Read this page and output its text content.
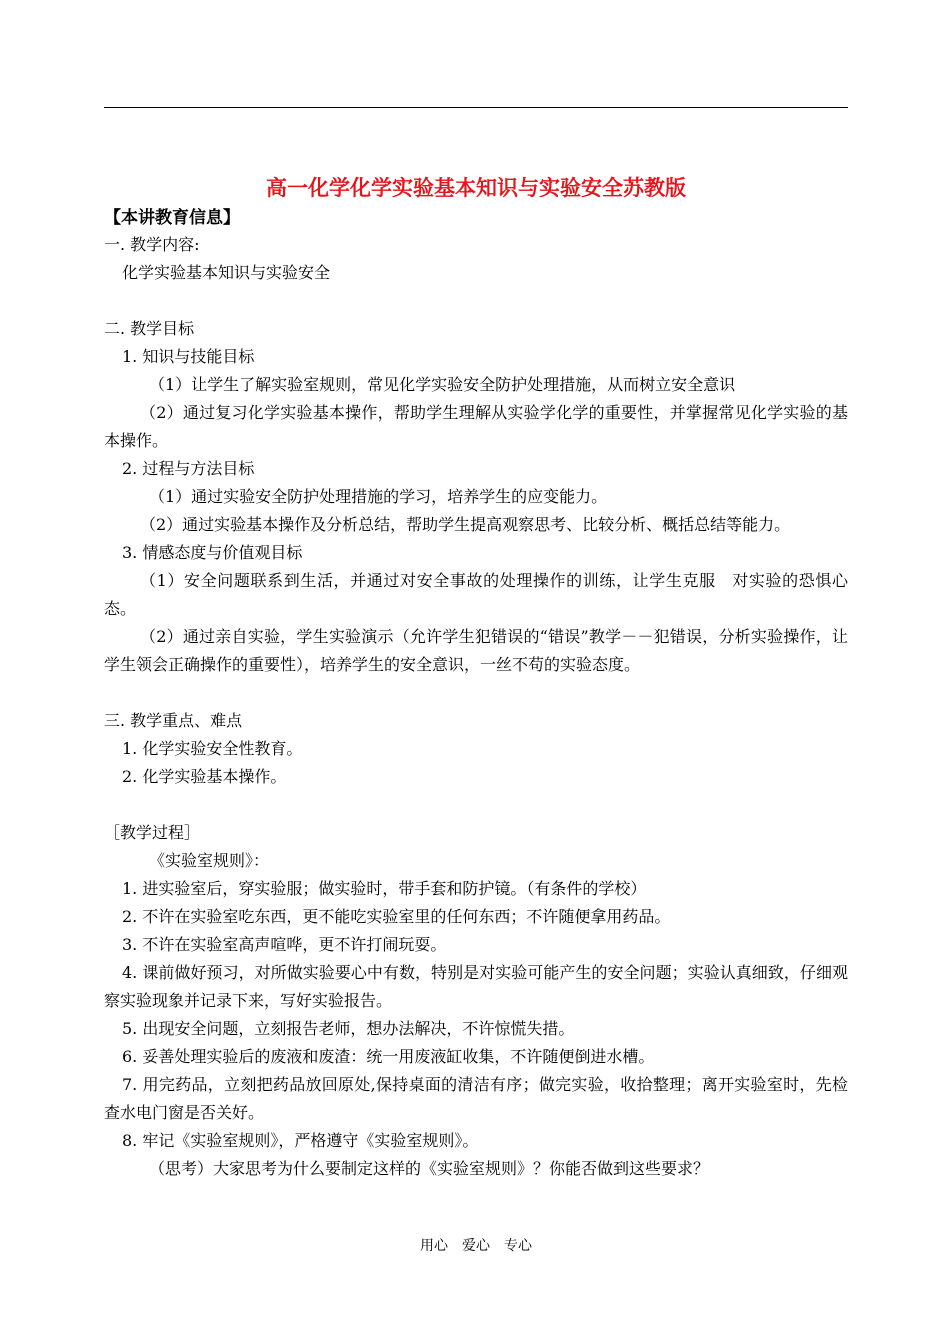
高一化学化学实验基本知识与实验安全苏教版
【本讲教育信息】

一. 教学内容:

化学实验基本知识与实验安全

二. 教学目标

1. 知识与技能目标

（1）让学生了解实验室规则，常见化学实验安全防护处理措施，从而树立安全意识

（2）通过复习化学实验基本操作，帮助学生理解从实验学化学的重要性，并掌握常见化学实验的基本操作。

2. 过程与方法目标

（1）通过实验安全防护处理措施的学习，培养学生的应变能力。

（2）通过实验基本操作及分析总结，帮助学生提高观察思考、比较分析、概括总结等能力。

3. 情感态度与价值观目标

（1）安全问题联系到生活，并通过对安全事故的处理操作的训练，让学生克服　对实验的恐惧心态。

（2）通过亲自实验，学生实验演示（允许学生犯错误的“错误”教学－－犯错误，分析实验操作，让学生领会正确操作的重要性），培养学生的安全意识，一丝不苟的实验态度。

三. 教学重点、难点

1. 化学实验安全性教育。

2. 化学实验基本操作。

［教学过程］

《实验室规则》：

1. 进实验室后，穿实验服；做实验时，带手套和防护镜。（有条件的学校）

2. 不许在实验室吃东西，更不能吃实验室里的任何东西；不许随便拿用药品。

3. 不许在实验室高声喧哗，更不许打闹玩耍。

4. 课前做好预习，对所做实验要心中有数，特别是对实验可能产生的安全问题；实验认真细致，仔细观察实验现象并记录下来，写好实验报告。

5. 出现安全问题，立刻报告老师，想办法解决，不许惊慌失措。

6. 妥善处理实验后的废液和废渣：统一用废液缸收集，不许随便倒进水槽。

7. 用完药品，立刻把药品放回原处,保持桌面的清洁有序；做完实验，收拾整理；离开实验室时，先检查水电门窗是否关好。

8. 牢记《实验室规则》，严格遵守《实验室规则》。

（思考）大家思考为什么要制定这样的《实验室规则》？你能否做到这些要求？

用心　爱心　专心
